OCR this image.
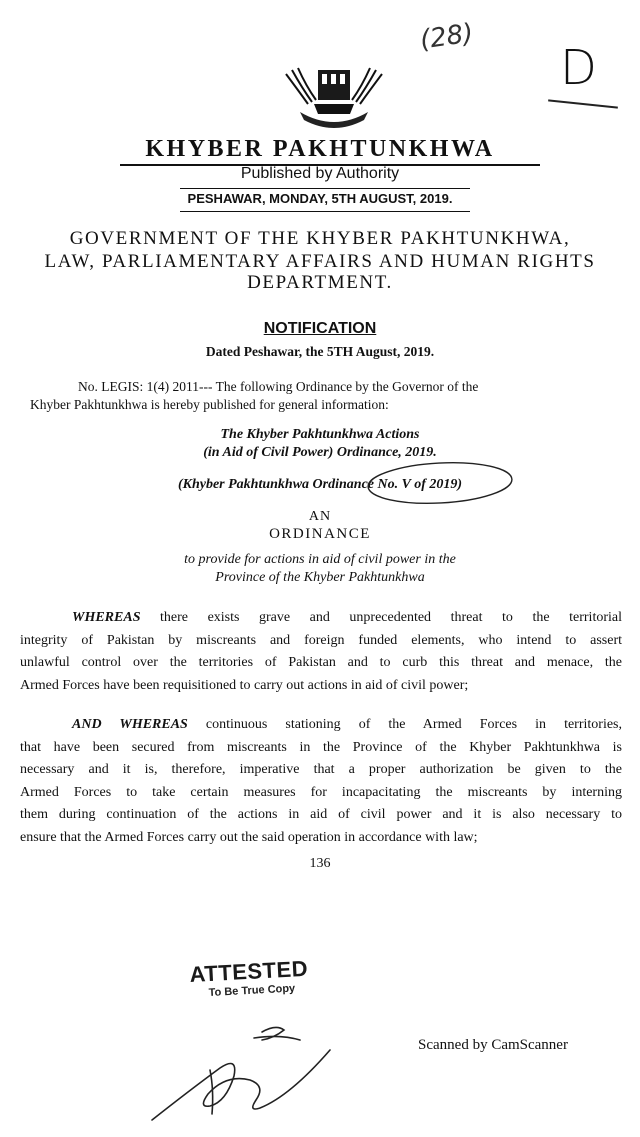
(28)
D
KHYBER PAKHTUNKHWA
Published by Authority
PESHAWAR, MONDAY, 5TH AUGUST, 2019.
GOVERNMENT OF THE KHYBER PAKHTUNKHWA,
LAW, PARLIAMENTARY AFFAIRS AND HUMAN RIGHTS
DEPARTMENT.
NOTIFICATION
Dated Peshawar, the 5TH August, 2019.
No. LEGIS: 1(4) 2011--- The following Ordinance by the Governor of the
Khyber Pakhtunkhwa is hereby published for general information:
The Khyber Pakhtunkhwa Actions
(in Aid of Civil Power) Ordinance, 2019.
(Khyber Pakhtunkhwa Ordinance No. V of 2019)
AN
ORDINANCE
to provide for actions in aid of civil power in the
Province of the Khyber Pakhtunkhwa
WHEREAS there exists grave and unprecedented threat to the territorial
integrity of Pakistan by miscreants and foreign funded elements, who intend to assert
unlawful control over the territories of Pakistan and to curb this threat and menace, the
Armed Forces have been requisitioned to carry out actions in aid of civil power;
AND WHEREAS continuous stationing of the Armed Forces in territories,
that have been secured from miscreants in the Province of the Khyber Pakhtunkhwa is
necessary and it is, therefore, imperative that a proper authorization be given to the
Armed Forces to take certain measures for incapacitating the miscreants by interning
them during continuation of the actions in aid of civil power and it is also necessary to
ensure that the Armed Forces carry out the said operation in accordance with law;
136
ATTESTED
To Be True Copy
Scanned by CamScanner
